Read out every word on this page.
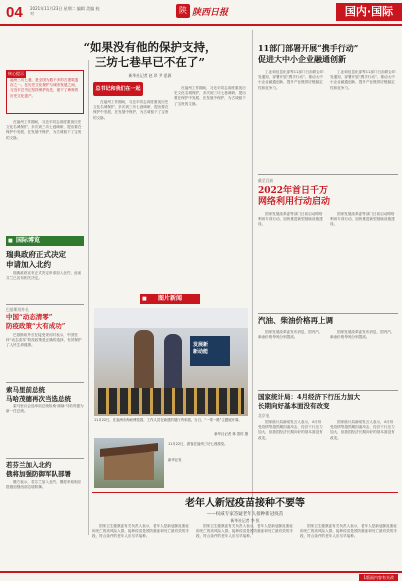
04 2021年11月23日 星期二 编辑 美编 校对	陕 陕西日报	国内·国际
“如果没有他的保护支持，
三坊七巷早已不在了”
新华社记者 赵 昂 尹 思源
核心提示
福州三坊七巷，是全国为数不多的古建筑遗存之一。在历史文化保护与城市发展之间，习近平总书记坚持保护优先，留下了珍贵的历史文化遗产。
总书记和我们在一起

在福州工作期间，习近平同志高度重视历史文化名城保护，多次到三坊七巷调研，提出要在保护中发展、在发展中保护，为古城留下了宝贵的文脉。

在福州工作期间，习近平同志高度重视历史文化名城保护，多次到三坊七巷调研，提出要在保护中发展、在发展中保护，为古城留下了宝贵的文脉。

在福州工作期间，习近平同志高度重视历史文化名城保护，多次到三坊七巷调研，提出要在保护中发展、在发展中保护，为古城留下了宝贵的文脉。

■ 国际博览
瑞典政府正式决定
申请加入北约

瑞典政府宣布正式决定申请加入北约，此前芬兰已宣布相关决定。

巴基斯坦外长
中国“动态清零”
防疫政策“大有成功”

巴基斯坦外长在接受采访时表示，中国坚持“动态清零”防疫政策是正确的选择，有效保护了人民生命健康。

索马里前总统
马哈茂德再次当选总统

索马里议会选举前总统哈桑·谢赫·马哈茂德为新一任总统。

若芬兰加入北约
俄将加强防御军队部署

俄方表示，若芬兰加入北约，俄将采取相应措施加强西部边境防御。

■ 图片新闻
发展新
新动能
11月22日，在福州市海丝博览园，工作人员在新建的展厅内布展。当日，“一带一路”主题展开幕。
新华社记者 林 善传 摄
11月22日，游客在福州三坊七巷游览。
新华社发
11部门部署开展“携手行动”
促进大中小企业融通创新

工业和信息化部等11部门日前联合印发通知，部署开展“携手行动”，推动大中小企业融通创新，提升产业链供应链稳定性和竞争力。

工业和信息化部等11部门日前联合印发通知，部署开展“携手行动”，推动大中小企业融通创新，提升产业链供应链稳定性和竞争力。

截至目前
2022年首日千万
网络利用行动启动

国家发展改革委等部门日前启动网络利用专项行动，加快推进新型基础设施建设。

国家发展改革委等部门日前启动网络利用专项行动，加快推进新型基础设施建设。

汽油、柴油价格再上调

国家发展改革委发布消息，国内汽、柴油价格每吨分别提高。

国家发展改革委发布消息，国内汽、柴油价格每吨分别提高。

国家统计局：4月经济下行压力加大
长期向好基本面没有改变
北京电

国家统计局新闻发言人表示，4月份受疫情等超预期因素冲击，经济下行压力加大，但我国经济长期向好的基本面没有改变。

国家统计局新闻发言人表示，4月份受疫情等超预期因素冲击，经济下行压力加大，但我国经济长期向好的基本面没有改变。

老年人新冠疫苗接种不要等
——权威专家答疑老年人接种新冠疫苗
新华社记者 李 恒

国家卫生健康委有关负责人表示，老年人是新冠肺炎重症和死亡的高风险人群，接种疫苗是预防重症和死亡最有效的手段，符合条件的老年人应尽早接种。

国家卫生健康委有关负责人表示，老年人是新冠肺炎重症和死亡的高风险人群，接种疫苗是预防重症和死亡最有效的手段，符合条件的老年人应尽早接种。

国家卫生健康委有关负责人表示，老年人是新冠肺炎重症和死亡的高风险人群，接种疫苗是预防重症和死亡最有效的手段，符合条件的老年人应尽早接种。

1版面内容有关改
